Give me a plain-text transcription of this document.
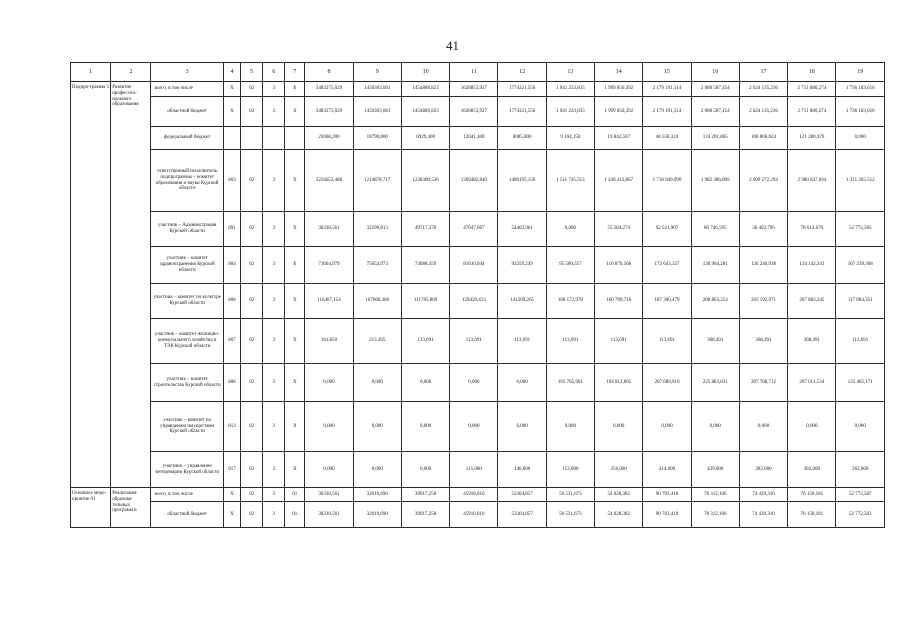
41
1	2	3	4	5	6	7	8	9	10	11	12	13	14	15	16	17	18	19
Подпро-грамма 3	Развитие профессио-нального образования	всего, в том числе	X	02	3	X	3483275,029	1450303,681	1454886,823	1628853,927	1774321,556	1 941 233,835	1 999 850,392	2 179 191,314	2 088 587,454	2 624 135,236	2 711 880,274	1 736 183,616
		областной бюджет	X	02	3	X	3483275,029	1450303,681	1454889,823	1628853,927	1774321,556	1 941 233,835	1 999 850,392	2 179 191,314	2 088 587,454	2 624 135,236	2 711 880,274	1 736 183,616
		федеральный бюджет					23068,200	18790,800	6929,400	12041,300	8085,800	9 104,150	19 842,567	48 558,324	124 201,865	100 866,624	121 280,479	0,000
		ответственный исполнитель подпрограммы – комитет образования и науки Курской области	803	02	3	X	3256652,488	1214878,717	1228380,526	1369482,840	1480195,156	1 511 745,513	1 436 413,867	1 718 949,690	1 982 386,809	2 009 272,294	2 980 647,044	1 321 265,512
		участник – Администрация Курской области	891	02	3	X	38330,561	32590,813	49717,378	47047,067	54403,961	0,000	55 584,274	92 521,907	80 746,595	36 493,790	78 612,670	52 772,583
		участник – комитет здравоохранения Курской области	804	02	3	X	71664,979	75652,973	74088,359	81630,944	92259,249	95 500,357	110 876,568	172 643,327	130 964,281	126 246,938	134 142,243	167 239,308
		участник – комитет по культуре Курской области	808	02	3	X	116467,154	107068,386	111785,869	129420,413	141209,265	168 172,978	160 799,716	187 300,479	208 863,254	205 192,971	207 883,245	117 084,351
		участник – комитет жилищно-коммунального хозяйства и ТЭК Курской области	807	02	3	X	161,850	213,395	113,691	113,691	113,691	113,691	113,691	113,691	368,491	368,491	368,491	113,691
		участник – комитет строительства Курской области	808	02	3	X	0,000	0,000	0,000	0,000	0,000	165 705,601	194 812,665	207 689,910	225 883,831	207 708,712	207 611,534	125 405,171
		участник – комитет по управлению имуществом Курской области	812	02	3	X	0,000	0,000	0,000	0,000	0,000	0,000	0,000	0,000	0,000	0,000	0,000	0,000
		участник – управление ветеринарии Курской области	817	02	3	X	0,000	0,000	0,000	115,000	146,600	153,000	256,000	414,000	429,000	382,000	382,000	262,000
Основное меро-приятие 01	Реализация образова-тельных программ в	всего, в том числе	X	02	3	01	38330,561	32010,690	39917,258	45918,010	53364,857	56 531,673	54 028,382	90 703,418	78 312,106	74 439,310	76 158,181	52 772,587
		областной бюджет	X	02	3	01	38330,561	32010,690	39917,258	45918,010	53364,857	56 531,673	54 028,382	90 703,418	78 312,106	74 439,310	76 158,181	52 772,583
